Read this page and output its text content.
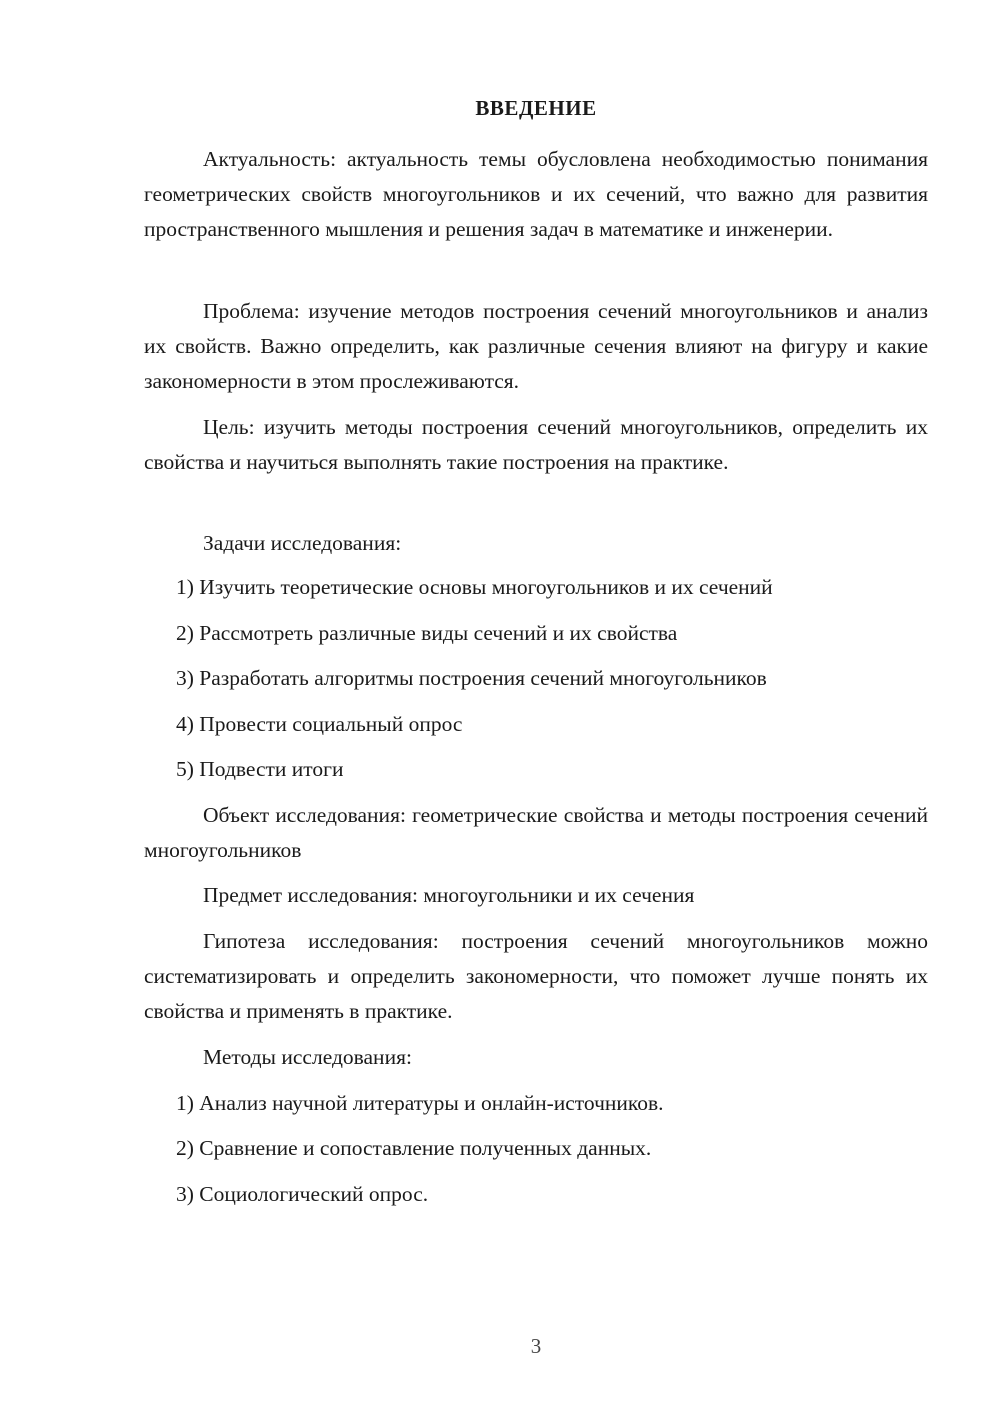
ВВЕДЕНИЕ

Актуальность: актуальность темы обусловлена необходимостью понимания геометрических свойств многоугольников и их сечений, что важно для развития пространственного мышления и решения задач в математике и инженерии.

Проблема: изучение методов построения сечений многоугольников и анализ их свойств. Важно определить, как различные сечения влияют на фигуру и какие закономерности в этом прослеживаются.

Цель: изучить методы построения сечений многоугольников, определить их свойства и научиться выполнять такие построения на практике.

Задачи исследования:

1) Изучить теоретические основы многоугольников и их сечений

2) Рассмотреть различные виды сечений и их свойства

3) Разработать алгоритмы построения сечений многоугольников

4) Провести социальный опрос

5) Подвести итоги

Объект исследования: геометрические свойства и методы построения сечений многоугольников

Предмет исследования: многоугольники и их сечения

Гипотеза исследования: построения сечений многоугольников можно систематизировать и определить закономерности, что поможет лучше понять их свойства и применять в практике.

Методы исследования:

1) Анализ научной литературы и онлайн-источников.

2) Сравнение и сопоставление полученных данных.

3) Социологический опрос.

3
